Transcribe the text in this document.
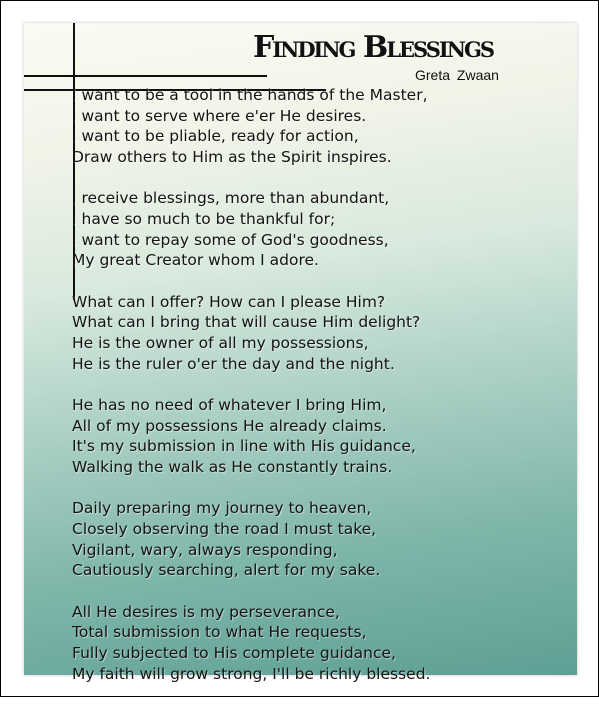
Finding Blessings
Greta Zwaan
I want to be a tool in the hands of the Master,
I want to serve where e'er He desires.
I want to be pliable, ready for action,
Draw others to Him as the Spirit inspires.
I receive blessings, more than abundant,
I have so much to be thankful for;
I want to repay some of God's goodness,
My great Creator whom I adore.
What can I offer? How can I please Him?
What can I bring that will cause Him delight?
He is the owner of all my possessions,
He is the ruler o'er the day and the night.
He has no need of whatever I bring Him,
All of my possessions He already claims.
It's my submission in line with His guidance,
Walking the walk as He constantly trains.
Daily preparing my journey to heaven,
Closely observing the road I must take,
Vigilant, wary, always responding,
Cautiously searching, alert for my sake.
All He desires is my perseverance,
Total submission to what He requests,
Fully subjected to His complete guidance,
My faith will grow strong, I'll be richly blessed.
